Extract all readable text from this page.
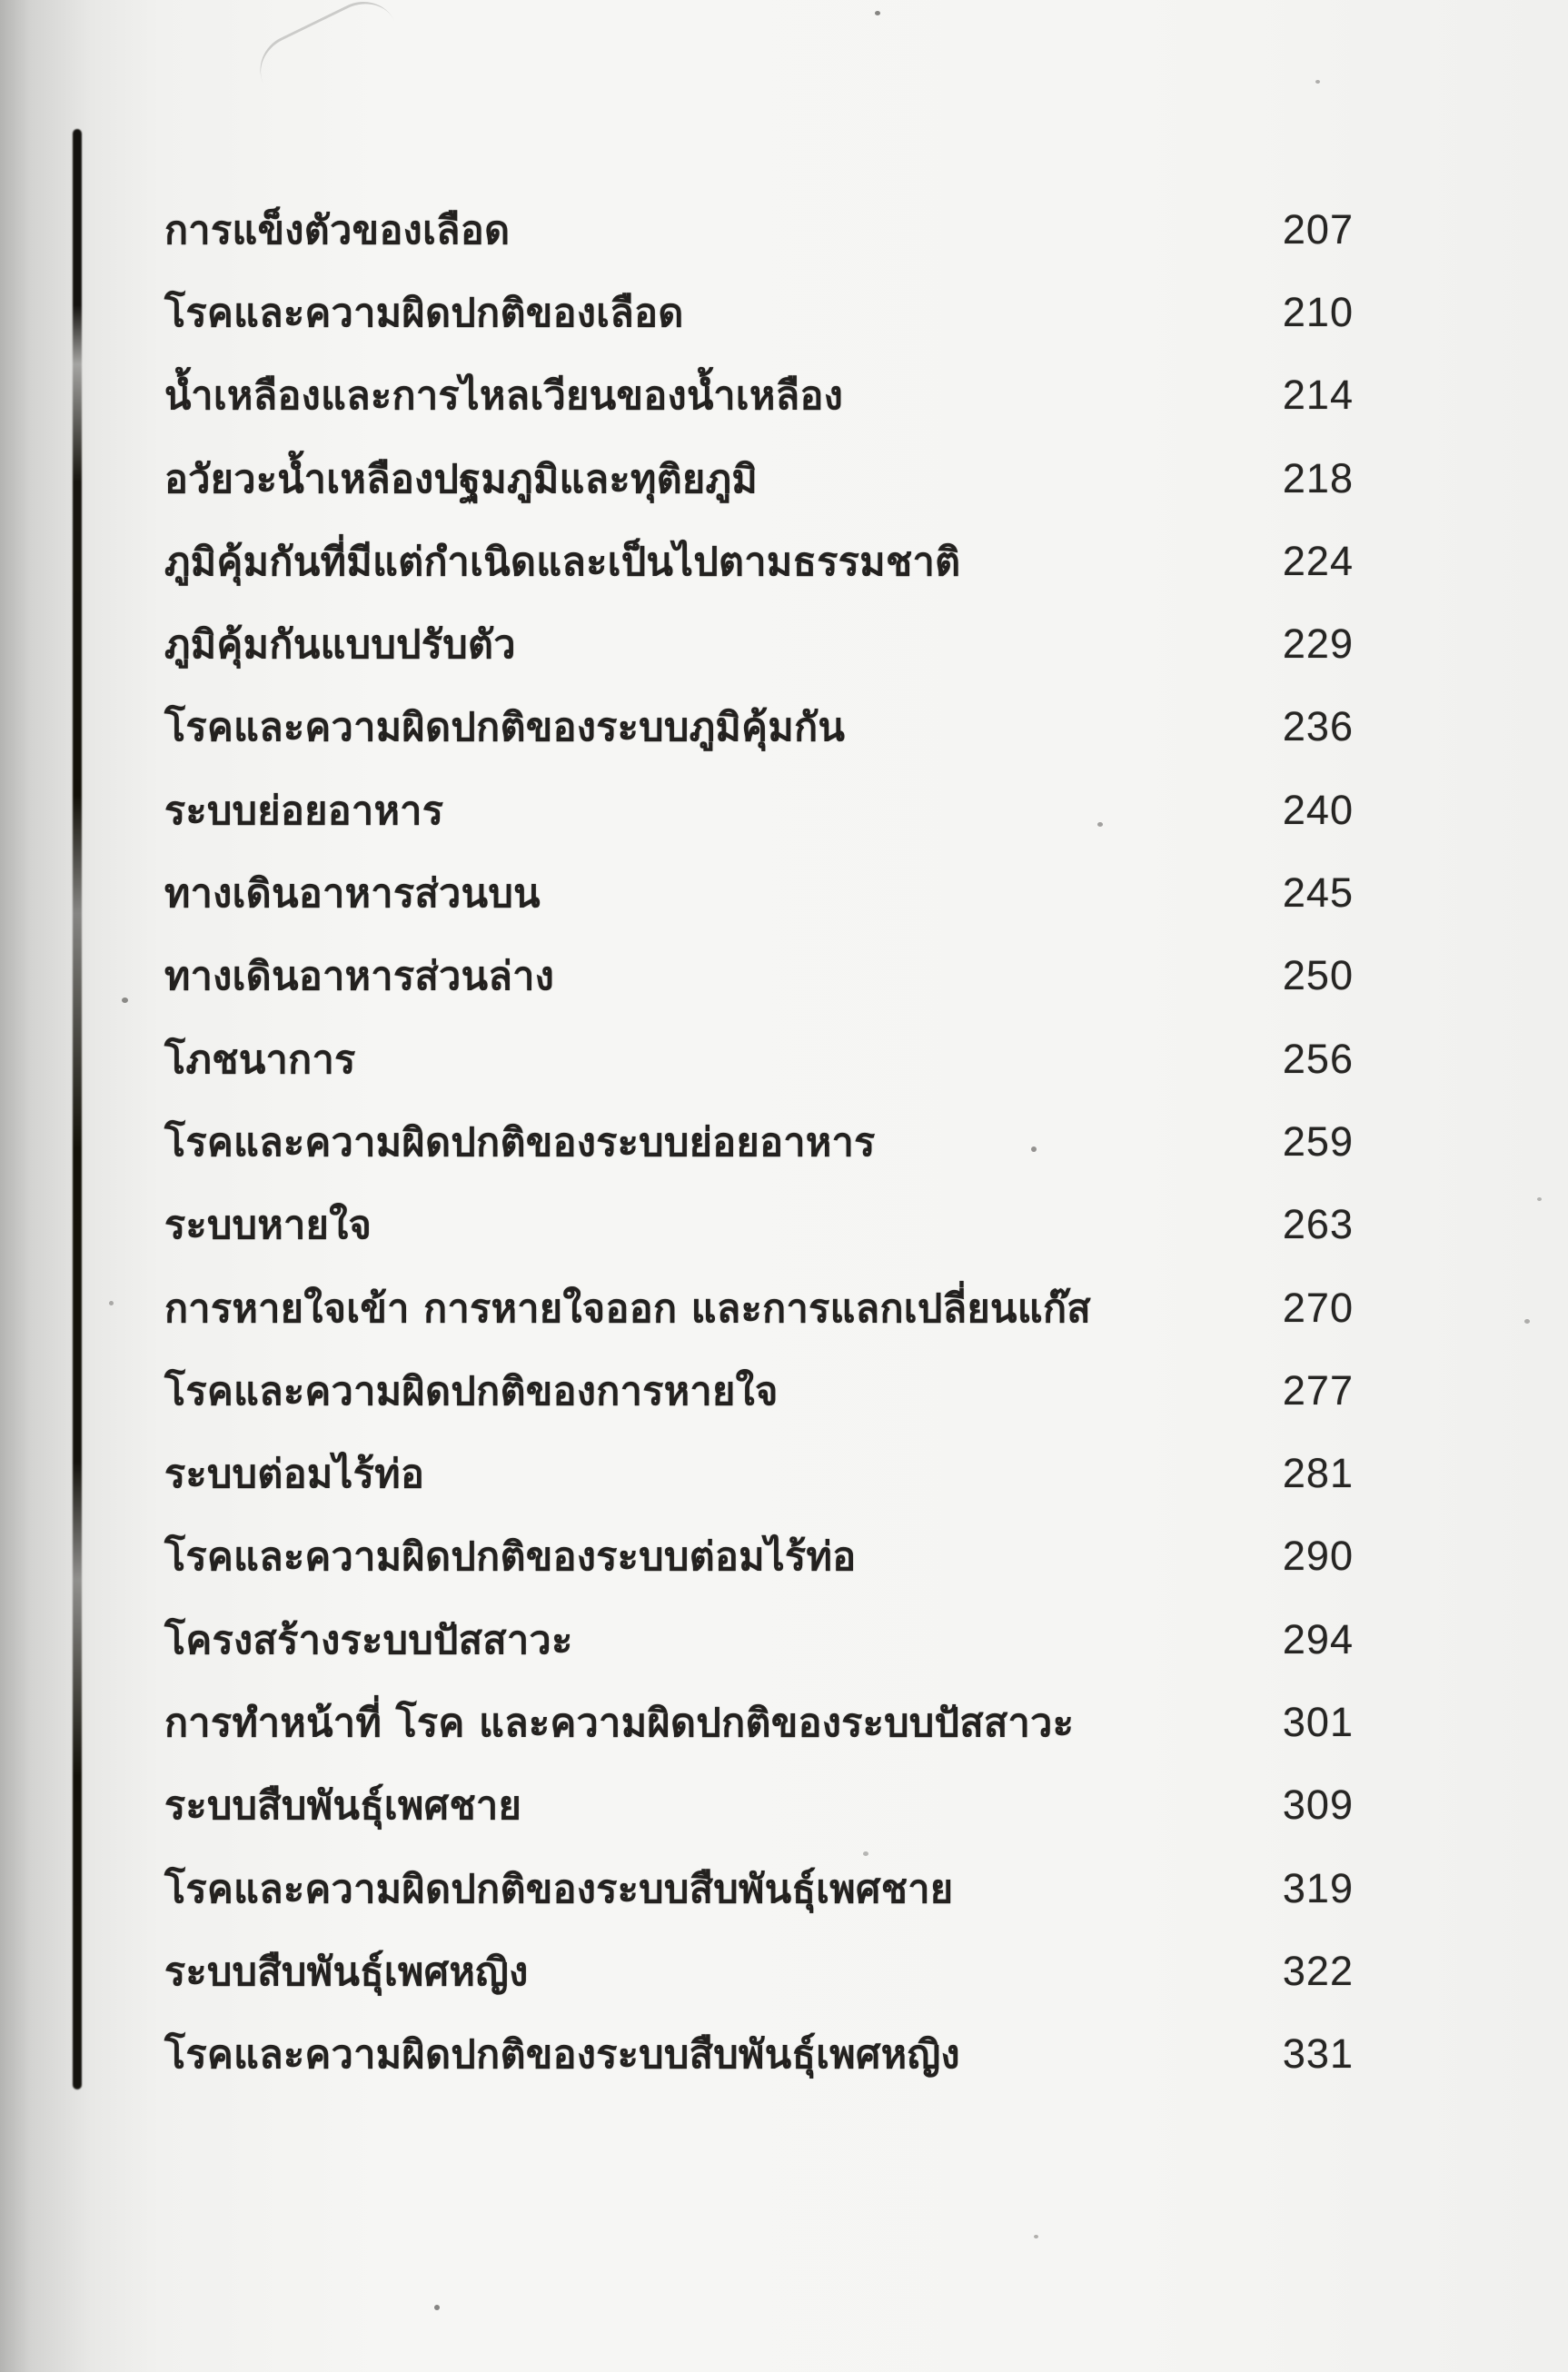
การแข็งตัวของเลือด	207
โรคและความผิดปกติของเลือด	210
น้ำเหลืองและการไหลเวียนของน้ำเหลือง	214
อวัยวะน้ำเหลืองปฐมภูมิและทุติยภูมิ	218
ภูมิคุ้มกันที่มีแต่กำเนิดและเป็นไปตามธรรมชาติ	224
ภูมิคุ้มกันแบบปรับตัว	229
โรคและความผิดปกติของระบบภูมิคุ้มกัน	236
ระบบย่อยอาหาร	240
ทางเดินอาหารส่วนบน	245
ทางเดินอาหารส่วนล่าง	250
โภชนาการ	256
โรคและความผิดปกติของระบบย่อยอาหาร	259
ระบบหายใจ	263
การหายใจเข้า การหายใจออก และการแลกเปลี่ยนแก๊ส	270
โรคและความผิดปกติของการหายใจ	277
ระบบต่อมไร้ท่อ	281
โรคและความผิดปกติของระบบต่อมไร้ท่อ	290
โครงสร้างระบบปัสสาวะ	294
การทำหน้าที่ โรค และความผิดปกติของระบบปัสสาวะ	301
ระบบสืบพันธุ์เพศชาย	309
โรคและความผิดปกติของระบบสืบพันธุ์เพศชาย	319
ระบบสืบพันธุ์เพศหญิง	322
โรคและความผิดปกติของระบบสืบพันธุ์เพศหญิง	331
